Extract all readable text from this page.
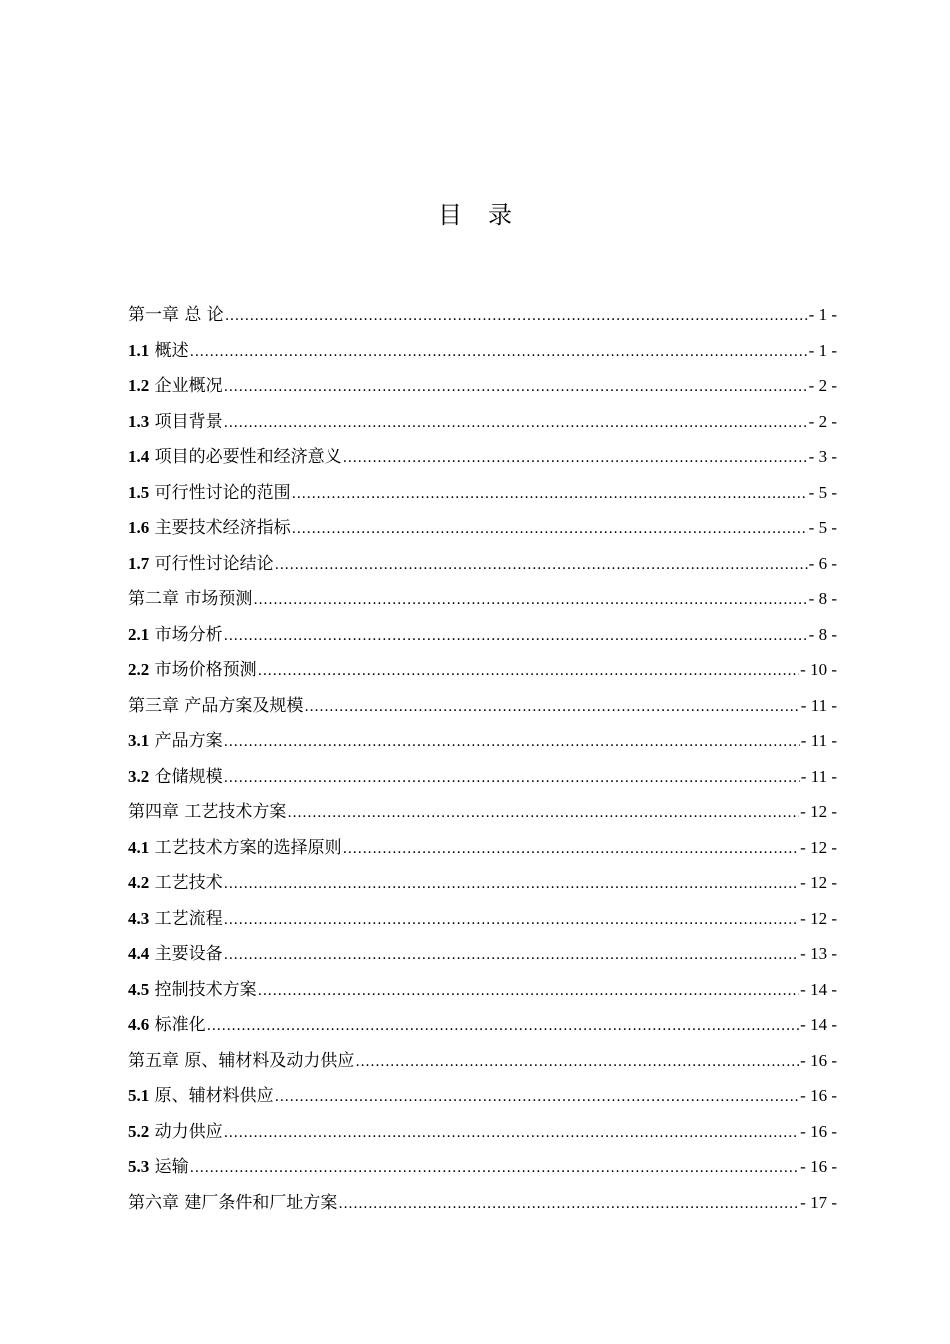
目 录
第一章 总 论 .....	- 1 -
1.1 概述 .....	- 1 -
1.2 企业概况 .....	- 2 -
1.3 项目背景 .....	- 2 -
1.4 项目的必要性和经济意义 .....	- 3 -
1.5 可行性讨论的范围 .....	- 5 -
1.6 主要技术经济指标 .....	- 5 -
1.7 可行性讨论结论 .....	- 6 -
第二章 市场预测 .....	- 8 -
2.1 市场分析 .....	- 8 -
2.2 市场价格预测 .....	- 10 -
第三章 产品方案及规模 .....	- 11 -
3.1 产品方案 .....	- 11 -
3.2 仓储规模 .....	- 11 -
第四章 工艺技术方案 .....	- 12 -
4.1 工艺技术方案的选择原则 .....	- 12 -
4.2 工艺技术 .....	- 12 -
4.3 工艺流程 .....	- 12 -
4.4 主要设备 .....	- 13 -
4.5 控制技术方案 .....	- 14 -
4.6 标准化 .....	- 14 -
第五章 原、辅材料及动力供应 .....	- 16 -
5.1 原、辅材料供应 .....	- 16 -
5.2 动力供应 .....	- 16 -
5.3 运输 .....	- 16 -
第六章 建厂条件和厂址方案 .....	- 17 -
